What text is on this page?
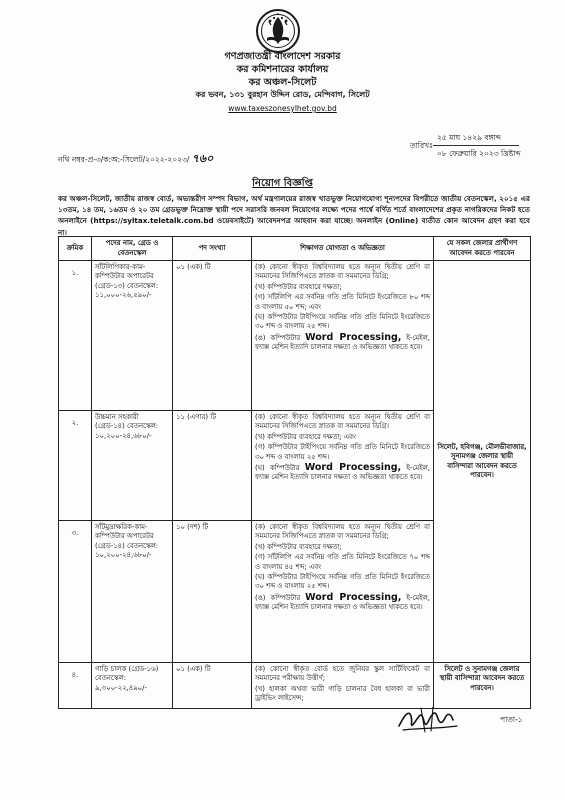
গণপ্রজাতন্ত্রী বাংলাদেশ সরকার
কর কমিশনারের কার্যালয়
কর অঞ্চল-সিলেট
কর ভবন, ১৩১ বুরহান উদ্দিন রোড, মেন্দিবাগ, সিলেট
www.taxeszonesylhet.gov.bd
নথি নম্বর-প্র-৩/ক:অ:-সিলেট/২০২২-২০২৩/ ৭৬০
২৫ মাঘ ১৪২৯ বঙ্গাব্দ
তারিখঃ
০৮ ফেব্রুয়ারি ২০২৩ খ্রিষ্টাব্দ
নিয়োগ বিজ্ঞপ্তি
কর অঞ্চল-সিলেট, জাতীয় রাজস্ব বোর্ড, অভ্যন্তরীণ সম্পদ বিভাগ, অর্থ মন্ত্রণালয়ের রাজস্ব খাতভুক্ত নিয়োগযোগ্য শূন্যপদের বিপরীতে জাতীয় বেতনস্কেল, ২০১৫ এর ১৩তম, ১৪ তম, ১৬তম ও ২০ তম গ্রেডভুক্ত নিম্নোক্ত স্থায়ী পদে সরাসরি জনবল নিয়োগের লক্ষ্যে পদের পার্শ্বে বর্ণিত শর্তে বাংলাদেশের প্রকৃত নাগরিকদের নিকট হতে অনলাইনে (https://syltax.teletalk.com.bd ওয়েবসাইটে) আবেদনপত্র আহবান করা যাচ্ছে। অনলাইন (Online) ব্যতীত কোন আবেদন গ্রহণ করা হবে না।
ক্রমিক	পদের নাম, গ্রেড ও বেতনস্কেল	পদ সংখ্যা	শিক্ষাগত যোগ্যতা ও অভিজ্ঞতা	যে সকল জেলার প্রার্থীগণ আবেদন করতে পারবেন
১.	সাঁটলিপিকার-কাম-কম্পিউটার অপারেটর (গ্রেড-১৩) বেতনস্কেল: ১১,০০০-২৬,৫৯০/-	০১ (এক) টি	(ক) কোনো স্বীকৃত বিশ্ববিদ্যালয় হতে অন্যূন দ্বিতীয় শ্রেণি বা সমমানের সিজিপিএতে স্নাতক বা সমমানের ডিগ্রি;
(খ) কম্পিউটার ব্যবহারে দক্ষতা;
(গ) সাঁটলিপি এর সর্বনিম্ন গতি প্রতি মিনিটে ইংরেজিতে ৮০ শব্দ ও বাংলায় ৫০ শব্দ; এবং
(ঘ) কম্পিউটার টাইপিংয়ে সর্বনিম্ন গতি প্রতি মিনিটে ইংরেজিতে ৩০ শব্দ ও বাংলায় ২৫ শব্দ।
(ঙ) কম্পিউটার Word Processing, ই-মেইল, ফ্যাক্স মেশিন ইত্যাদি চালনার দক্ষতা ও অভিজ্ঞতা থাকতে হবে।	সিলেট, হবিগঞ্জ, মৌলভীবাজার, সুনামগঞ্জ জেলার স্থায়ী বাসিন্দারা আবেদন করতে পারবেন।
২.	উচ্চমান সহকারী (গ্রেড-১৪) বেতনস্কেল: ১০,২০০-২৪,৬৮০/-	১১ (এগার) টি	(ক) কোনো স্বীকৃত বিশ্ববিদ্যালয় হতে অন্যূন দ্বিতীয় শ্রেণি বা সমমানের সিজিপিএতে স্নাতক বা সমমানের ডিগ্রি।
(খ) কম্পিউটার ব্যবহারে দক্ষতা; এবং
(গ) কম্পিউটার টাইপিংয়ে সর্বনিম্ন গতি প্রতি মিনিটে ইংরেজিতে ৩০ শব্দ ও বাংলায় ২৫ শব্দ।
(ঘ) কম্পিউটার Word Processing, ই-মেইল, ফ্যাক্স মেশিন ইত্যাদি চালনার দক্ষতা ও অভিজ্ঞতা থাকতে হবে।	

৩.	সাঁটমুদ্রাক্ষরিক-কাম-কম্পিউটার অপারেটর (গ্রেড-১৪) বেতনস্কেল: ১০,২০০-২৪,৬৮০/-	১০ (দশ) টি	(ক) কোনো স্বীকৃত বিশ্ববিদ্যালয় হতে অন্যূন দ্বিতীয় শ্রেণি বা সমমানের সিজিপিএতে স্নাতক বা সমমানের ডিগ্রি;
(খ) কম্পিউটার ব্যবহারে দক্ষতা;
(গ) সাঁটলিপি এর সর্বনিম্ন গতি প্রতি মিনিটে ইংরেজিতে ৭০ শব্দ ও বাংলায় ৪৫ শব্দ; এবং
(ঘ) কম্পিউটার টাইপিংয়ে সর্বনিম্ন গতি প্রতি মিনিটে ইংরেজিতে ৩০ শব্দ ও বাংলায় ২৫ শব্দ।
(ঙ) কম্পিউটার Word Processing, ই-মেইল, ফ্যাক্স মেশিন ইত্যাদি চালনার দক্ষতা ও অভিজ্ঞতা থাকতে হবে।	

৪.	গাড়ি চালক (গ্রেড-১৬) বেতনস্কেল: ৯,৩০০-২২,৪৯০/-	০১ (এক) টি	(ক) কোনো স্বীকৃত বোর্ড হতে জুনিয়র স্কুল সার্টিফিকেট বা সমমানের পরীক্ষায় উত্তীর্ণ;
(খ) হালকা অথবা ভারী গাড়ি চালনার বৈধ হালকা বা ভারী ড্রাইভিং লাইসেন্স;	সিলেট ও সুনামগঞ্জ জেলার স্থায়ী বাসিন্দারা আবেদন করতে পারবেন।
পাতা-১
